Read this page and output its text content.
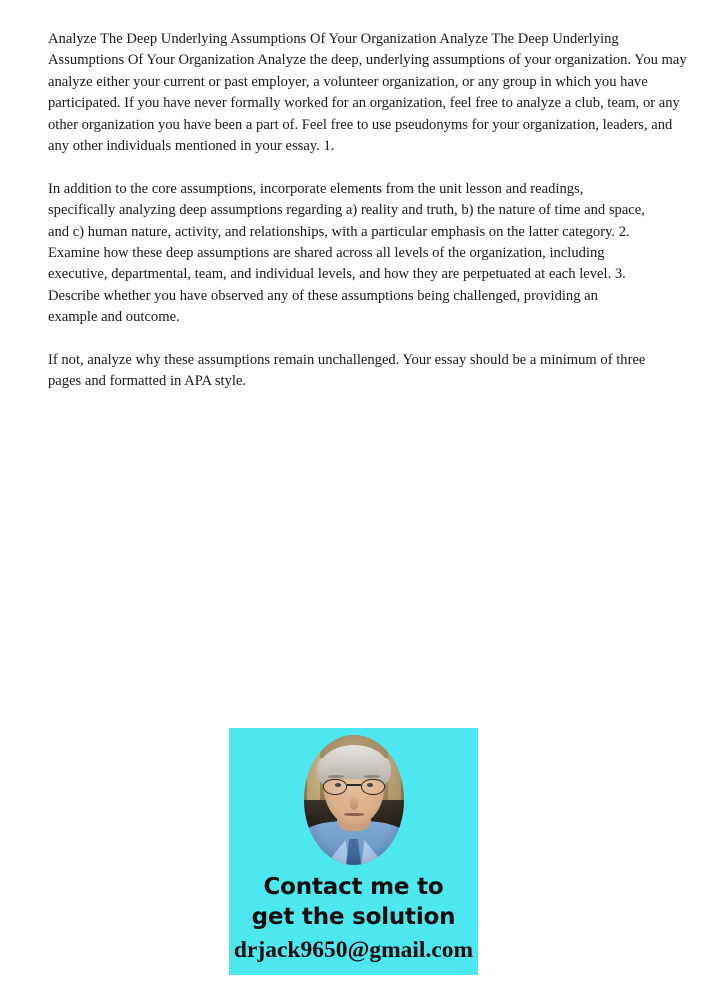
Analyze The Deep Underlying Assumptions Of Your Organization Analyze The Deep Underlying Assumptions Of Your Organization Analyze the deep, underlying assumptions of your organization. You may analyze either your current or past employer, a volunteer organization, or any group in which you have participated. If you have never formally worked for an organization, feel free to analyze a club, team, or any other organization you have been a part of. Feel free to use pseudonyms for your organization, leaders, and any other individuals mentioned in your essay. 1.

In addition to the core assumptions, incorporate elements from the unit lesson and readings, specifically analyzing deep assumptions regarding a) reality and truth, b) the nature of time and space, and c) human nature, activity, and relationships, with a particular emphasis on the latter category. 2. Examine how these deep assumptions are shared across all levels of the organization, including executive, departmental, team, and individual levels, and how they are perpetuated at each level. 3. Describe whether you have observed any of these assumptions being challenged, providing an example and outcome.

If not, analyze why these assumptions remain unchallenged. Your essay should be a minimum of three pages and formatted in APA style.

Contact me to
get the solution
drjack9650@gmail.com
